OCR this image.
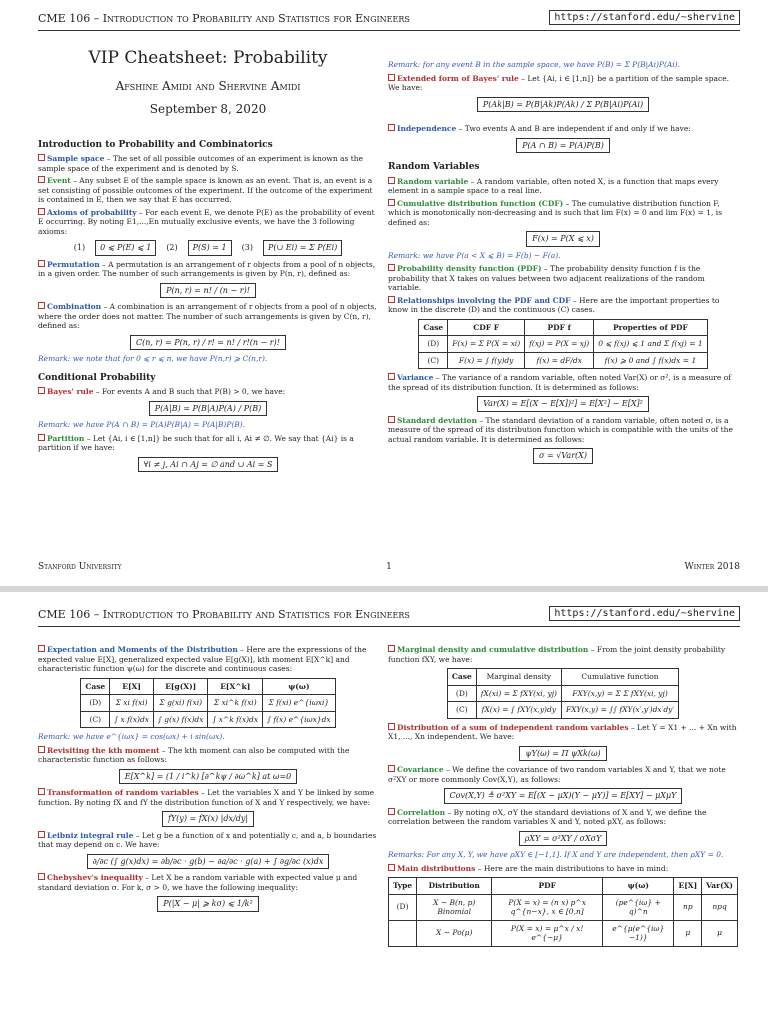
CME 106 – Introduction to Probability and Statistics for Engineers	https://stanford.edu/~shervine
VIP Cheatsheet: Probability
Afshine Amidi and Shervine Amidi
September 8, 2020
Introduction to Probability and Combinatorics
Sample space – The set of all possible outcomes of an experiment is known as the sample space of the experiment and is denoted by S.
Event – Any subset E of the sample space is known as an event. That is, an event is a set consisting of possible outcomes of the experiment. If the outcome of the experiment is contained in E, then we say that E has occurred.
Axioms of probability – For each event E, we denote P(E) as the probability of event E occurring. By noting E1,...,En mutually exclusive events, we have the 3 following axioms:
(1)	0 ⩽ P(E) ⩽ 1	(2)	P(S) = 1	(3)	P(∪ Ei) = Σ P(Ei)
Permutation – A permutation is an arrangement of r objects from a pool of n objects, in a given order. The number of such arrangements is given by P(n, r), defined as:
P(n, r) = n! / (n − r)!
Combination – A combination is an arrangement of r objects from a pool of n objects, where the order does not matter. The number of such arrangements is given by C(n, r), defined as:
C(n, r) = P(n, r) / r! = n! / r!(n − r)!
Remark: we note that for 0 ⩽ r ⩽ n, we have P(n,r) ⩾ C(n,r).
Conditional Probability
Bayes' rule – For events A and B such that P(B) > 0, we have:
P(A|B) = P(B|A)P(A) / P(B)
Remark: we have P(A ∩ B) = P(A)P(B|A) = P(A|B)P(B).
Partition – Let {Ai, i ∈ [1,n]} be such that for all i, Ai ≠ ∅. We say that {Ai} is a partition if we have:
∀i ≠ j, Ai ∩ Aj = ∅ and ∪ Ai = S
Remark: for any event B in the sample space, we have P(B) = Σ P(B|Ai)P(Ai).
Extended form of Bayes' rule – Let {Ai, i ∈ [1,n]} be a partition of the sample space. We have:
P(Ak|B) = P(B|Ak)P(Ak) / Σ P(B|Ai)P(Ai)
Independence – Two events A and B are independent if and only if we have:
P(A ∩ B) = P(A)P(B)
Random Variables
Random variable – A random variable, often noted X, is a function that maps every element in a sample space to a real line.
Cumulative distribution function (CDF) – The cumulative distribution function F, which is monotonically non-decreasing and is such that lim F(x) = 0 and lim F(x) = 1, is defined as:
F(x) = P(X ⩽ x)
Remark: we have P(a < X ⩽ B) = F(b) − F(a).
Probability density function (PDF) – The probability density function f is the probability that X takes on values between two adjacent realizations of the random variable.
Relationships involving the PDF and CDF – Here are the important properties to know in the discrete (D) and the continuous (C) cases.
Case	CDF F	PDF f	Properties of PDF
(D)	F(x) = Σ P(X = xi)	f(xj) = P(X = xj)	0 ⩽ f(xj) ⩽ 1 and Σ f(xj) = 1
(C)	F(x) = ∫ f(y)dy	f(x) = dF/dx	f(x) ⩾ 0 and ∫ f(x)dx = 1
Variance – The variance of a random variable, often noted Var(X) or σ², is a measure of the spread of its distribution function. It is determined as follows:
Var(X) = E[(X − E[X])²] = E[X²] − E[X]²
Standard deviation – The standard deviation of a random variable, often noted σ, is a measure of the spread of its distribution function which is compatible with the units of the actual random variable. It is determined as follows:
σ = √Var(X)
Stanford University	1	Winter 2018
CME 106 – Introduction to Probability and Statistics for Engineers	https://stanford.edu/~shervine
Expectation and Moments of the Distribution – Here are the expressions of the expected value E[X], generalized expected value E[g(X)], kth moment E[X^k] and characteristic function ψ(ω) for the discrete and continuous cases:
Case	E[X]	E[g(X)]	E[X^k]	ψ(ω)
(D)	Σ xi f(xi)	Σ g(xi) f(xi)	Σ xi^k f(xi)	Σ f(xi) e^{iωxi}
(C)	∫ x f(x)dx	∫ g(x) f(x)dx	∫ x^k f(x)dx	∫ f(x) e^{iωx}dx
Remark: we have e^{iωx} = cos(ωx) + i sin(ωx).
Revisiting the kth moment – The kth moment can also be computed with the characteristic function as follows:
E[X^k] = (1 / i^k) [∂^kψ / ∂ω^k] at ω=0
Transformation of random variables – Let the variables X and Y be linked by some function. By noting fX and fY the distribution function of X and Y respectively, we have:
fY(y) = fX(x) |dx/dy|
Leibniz integral rule – Let g be a function of x and potentially c, and a, b boundaries that may depend on c. We have:
∂/∂c (∫ g(x)dx) = ∂b/∂c · g(b) − ∂a/∂c · g(a) + ∫ ∂g/∂c (x)dx
Chebyshev's inequality – Let X be a random variable with expected value μ and standard deviation σ. For k, σ > 0, we have the following inequality:
P(|X − μ| ⩾ kσ) ⩽ 1/k²
Marginal density and cumulative distribution – From the joint density probability function fXY, we have:
Case	Marginal density	Cumulative function
(D)	fX(xi) = Σ fXY(xi, yj)	FXY(x,y) = Σ Σ fXY(xi, yj)
(C)	fX(x) = ∫ fXY(x,y)dy	FXY(x,y) = ∫∫ fXY(x′,y′)dx′dy′
Distribution of a sum of independent random variables – Let Y = X1 + ... + Xn with X1, ..., Xn independent. We have:
ψY(ω) = Π ψXk(ω)
Covariance – We define the covariance of two random variables X and Y, that we note σ²XY or more commonly Cov(X,Y), as follows:
Cov(X,Y) ≜ σ²XY = E[(X − μX)(Y − μY)] = E[XY] − μXμY
Correlation – By noting σX, σY the standard deviations of X and Y, we define the correlation between the random variables X and Y, noted ρXY, as follows:
ρXY = σ²XY / σXσY
Remarks: For any X, Y, we have ρXY ∈ [−1,1]. If X and Y are independent, then ρXY = 0.
Main distributions – Here are the main distributions to have in mind:
Type	Distribution	PDF	ψ(ω)	E[X]	Var(X)
(D)	X ∼ B(n, p) Binomial	P(X = x) = (n x) p^x q^{n−x}, x ∈ [0,n]	(pe^{iω} + q)^n	np	npq
	X ∼ Po(μ)	P(X = x) = μ^x / x! e^{−μ}	e^{μ(e^{iω}−1)}	μ	μ
